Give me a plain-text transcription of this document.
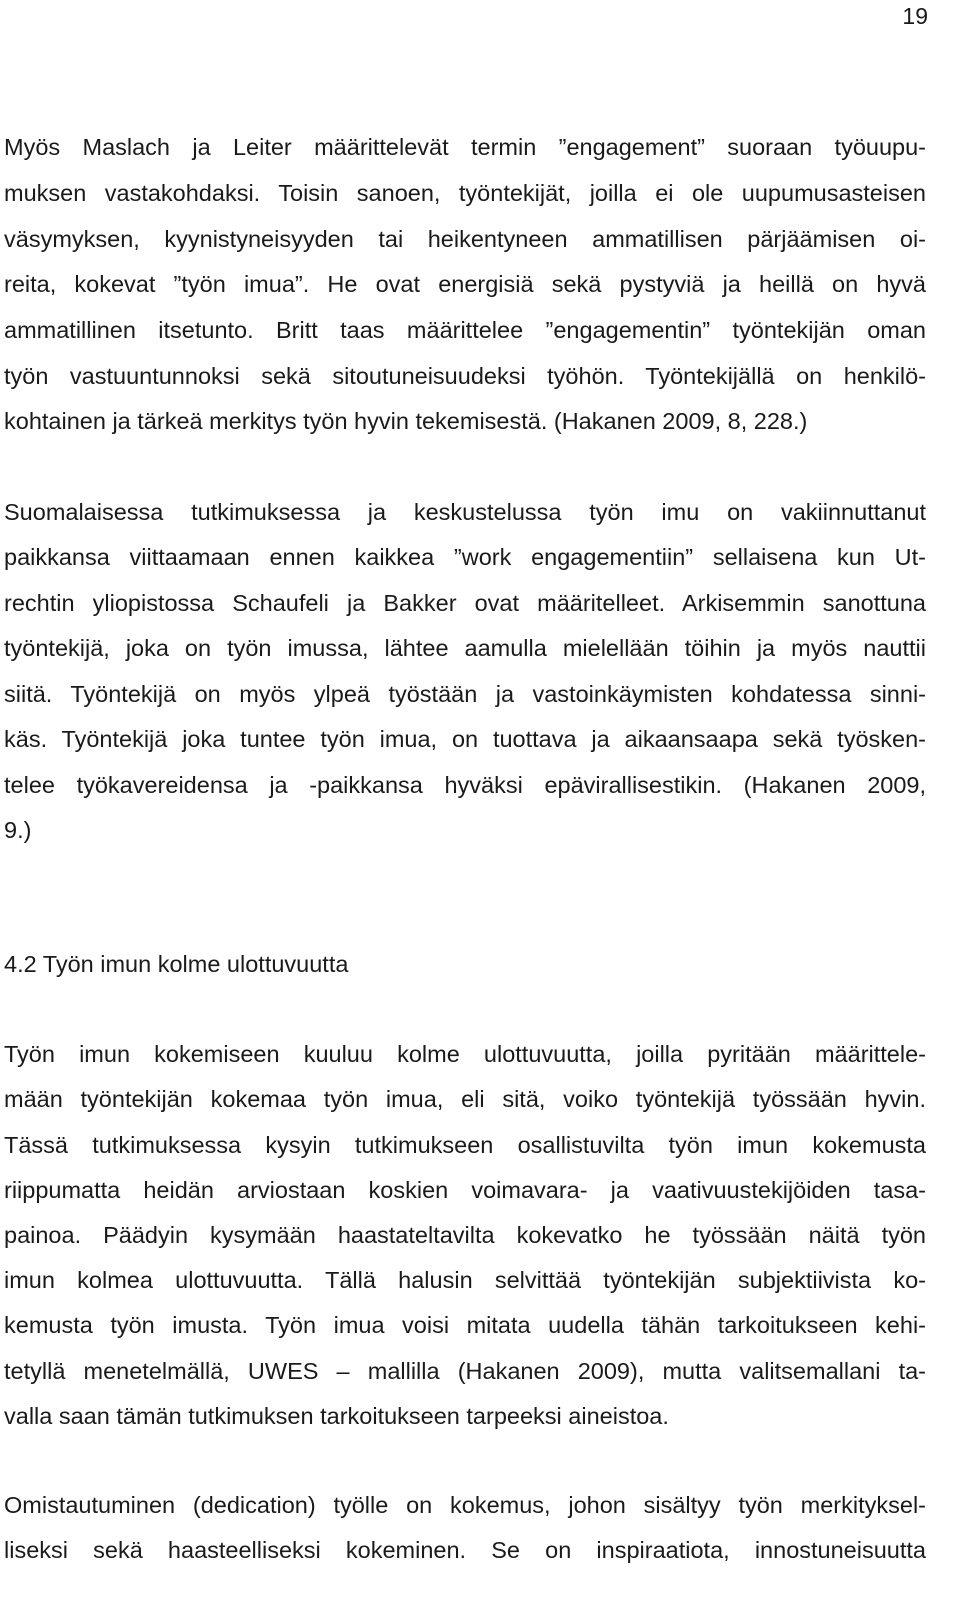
19
Myös Maslach ja Leiter määrittelevät termin ”engagement” suoraan työuupu-
muksen vastakohdaksi. Toisin sanoen, työntekijät, joilla ei ole uupumusasteisen
väsymyksen, kyynistyneisyyden tai heikentyneen ammatillisen pärjäämisen oi-
reita, kokevat ”työn imua”. He ovat energisiä sekä pystyviä ja heillä on hyvä
ammatillinen itsetunto. Britt taas määrittelee ”engagementin” työntekijän oman
työn vastuuntunnoksi sekä sitoutuneisuudeksi työhön. Työntekijällä on henkilö-
kohtainen ja tärkeä merkitys työn hyvin tekemisestä. (Hakanen 2009, 8, 228.)
Suomalaisessa tutkimuksessa ja keskustelussa työn imu on vakiinnuttanut
paikkansa viittaamaan ennen kaikkea ”work engagementiin” sellaisena kun Ut-
rechtin yliopistossa Schaufeli ja Bakker ovat määritelleet. Arkisemmin sanottuna
työntekijä, joka on työn imussa, lähtee aamulla mielellään töihin ja myös nauttii
siitä. Työntekijä on myös ylpeä työstään ja vastoinkäymisten kohdatessa sinni-
käs. Työntekijä joka tuntee työn imua, on tuottava ja aikaansaapa sekä työsken-
telee työkavereidensa ja -paikkansa hyväksi epävirallisestikin. (Hakanen 2009,
9.)
4.2 Työn imun kolme ulottuvuutta
Työn imun kokemiseen kuuluu kolme ulottuvuutta, joilla pyritään määrittele-
mään työntekijän kokemaa työn imua, eli sitä, voiko työntekijä työssään hyvin.
Tässä tutkimuksessa kysyin tutkimukseen osallistuvilta työn imun kokemusta
riippumatta heidän arviostaan koskien voimavara- ja vaativuustekijöiden tasa-
painoa. Päädyin kysymään haastateltavilta kokevatko he työssään näitä työn
imun kolmea ulottuvuutta. Tällä halusin selvittää työntekijän subjektiivista ko-
kemusta työn imusta. Työn imua voisi mitata uudella tähän tarkoitukseen kehi-
tetyllä menetelmällä, UWES – mallilla (Hakanen 2009), mutta valitsemallani ta-
valla saan tämän tutkimuksen tarkoitukseen tarpeeksi aineistoa.
Omistautuminen (dedication) työlle on kokemus, johon sisältyy työn merkityksel-
liseksi sekä haasteelliseksi kokeminen. Se on inspiraatiota, innostuneisuutta
